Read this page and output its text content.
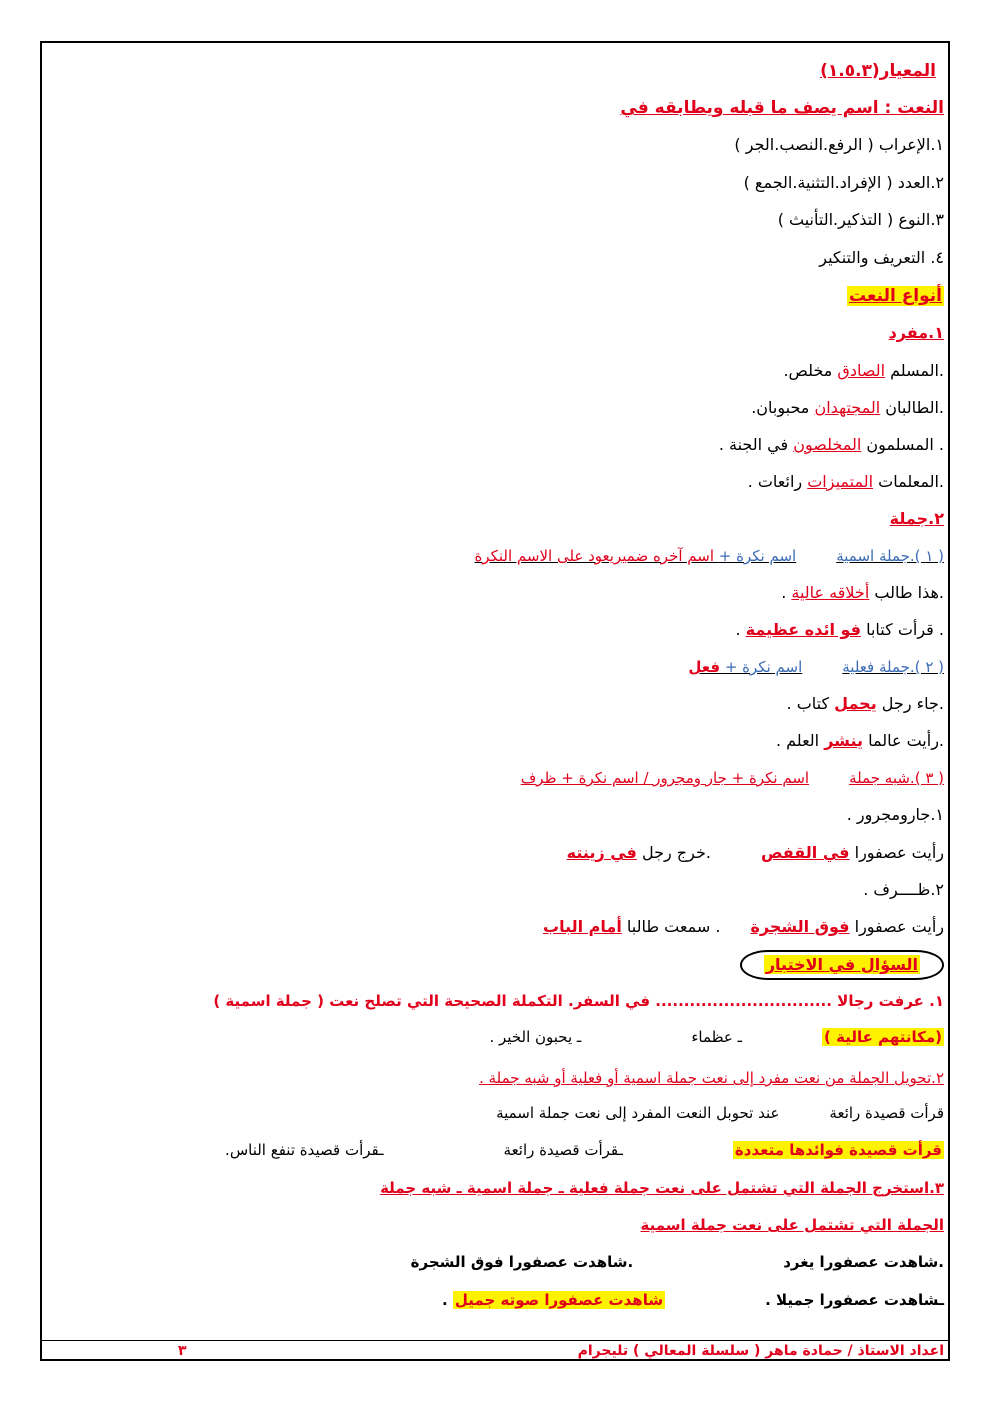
المعيار(١.٥.٣)
النعت : اسم يصف ما قبله ويطابقه في
١.الإعراب ( الرفع.النصب.الجر )
٢.العدد ( الإفراد.التثنية.الجمع )
٣.النوع ( التذكير.التأنيث )
٤. التعريف والتنكير
أنواع النعت
١.مفرد
.المسلم الصادق مخلص.
.الطالبان المجتهدان محبوبان.
. المسلمون المخلصون في الجنة .
.المعلمات المتميزات رائعات .
٢.جملة
( ١ ).جملة اسميةاسم نكرة + اسم آخره ضميريعود على الاسم النكرة
.هذا طالب أخلاقه عالية .
. قرأت كتابا فو ائده عظيمة .
( ٢ ).جملة فعليةاسم نكرة + فعل
.جاء رجل يحمل كتاب .
.رأيت عالما ينشر العلم .
( ٣ ).شبه جملةاسم نكرة + جار ومجرور / اسم نكرة + ظرف
١.جارومجرور .
رأيت عصفورا في القفص.خرج رجل في زينته
٢.ظــــرف .
رأيت عصفورا فوق الشجرة. سمعت طالبا أمام الباب
السؤال في الاختبار
١. عرفت رجالا ............................... في السفر. التكملة الصحيحة التي تصلح نعت ( جملة اسمية )
(مكانتهم عالية )ـ عظماءـ يحبون الخير .
٢.تحويل الجملة من نعت مفرد إلى نعت جملة اسمية أو فعلية أو شبه جملة .
قرأت قصيدة رائعةعند تحوبل النعت المفرد إلى نعت جملة اسمية
قرأت قصيدة فوائدها متعددةـقرأت قصيدة رائعةـقرأت قصيدة تنفع الناس.
٣.استخرج الجملة التي تشتمل على نعت جملة فعلية ـ جملة اسمية ـ شبه جملة
الجملة التي تشتمل على نعت جملة اسمية
.شاهدت عصفورا يغرد.شاهدت عصفورا فوق الشجرة
ـشاهدت عصفورا جميلا .شاهدت عصفورا صوته جميل .
اعداد الاستاذ / حمادة ماهر ( سلسلة المعالي ) تليجرام
٣
